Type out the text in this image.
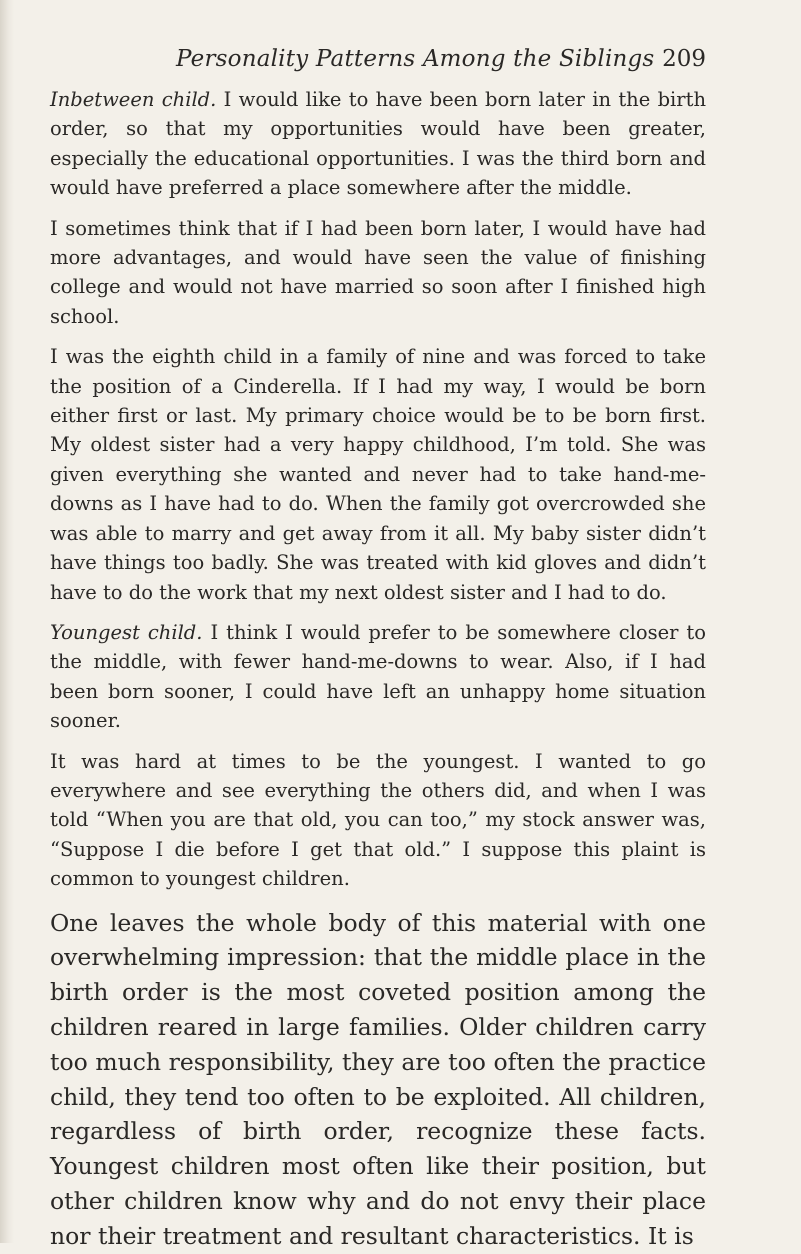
Personality Patterns Among the Siblings 209

Inbetween child. I would like to have been born later in the birth order, so that my opportunities would have been greater, especially the educational opportunities. I was the third born and would have preferred a place somewhere after the middle.

I sometimes think that if I had been born later, I would have had more advantages, and would have seen the value of finishing college and would not have married so soon after I finished high school.

I was the eighth child in a family of nine and was forced to take the position of a Cinderella. If I had my way, I would be born either first or last. My primary choice would be to be born first. My oldest sister had a very happy childhood, I’m told. She was given everything she wanted and never had to take hand-me-downs as I have had to do. When the family got overcrowded she was able to marry and get away from it all. My baby sister didn’t have things too badly. She was treated with kid gloves and didn’t have to do the work that my next oldest sister and I had to do.

Youngest child. I think I would prefer to be somewhere closer to the middle, with fewer hand-me-downs to wear. Also, if I had been born sooner, I could have left an unhappy home situation sooner.

It was hard at times to be the youngest. I wanted to go everywhere and see everything the others did, and when I was told “When you are that old, you can too,” my stock answer was, “Suppose I die before I get that old.” I suppose this plaint is common to youngest children.

One leaves the whole body of this material with one overwhelming impression: that the middle place in the birth order is the most coveted position among the children reared in large families. Older children carry too much responsibility, they are too often the practice child, they tend too often to be exploited. All children, regardless of birth order, recognize these facts. Youngest children most often like their position, but other children know why and do not envy their place nor their treatment and resultant characteristics. It is
